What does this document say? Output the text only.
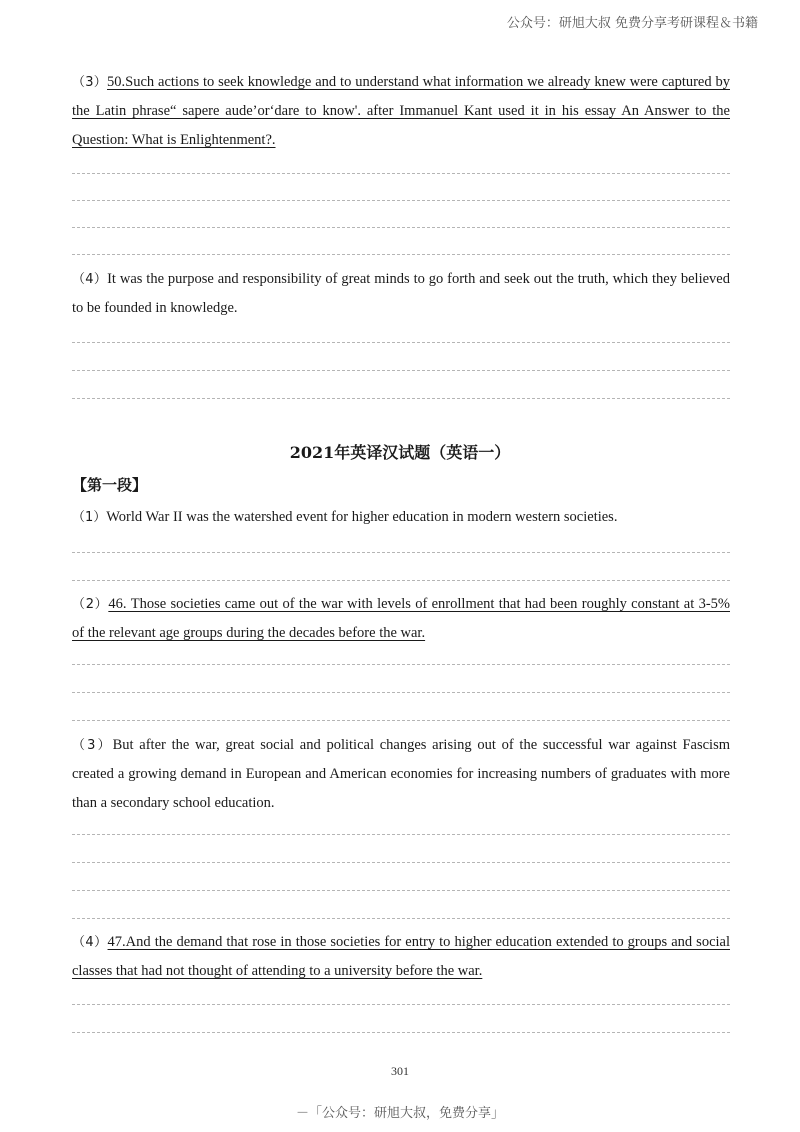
公众号：研旭大叔 免费分享考研课程＆书籍
（3）50.Such actions to seek knowledge and to understand what information we already knew were captured by the Latin phrase“ sapere aude’or‘dare to know'. after Immanuel Kant used it in his essay An Answer to the Question: What is Enlightenment?.
（4）It was the purpose and responsibility of great minds to go forth and seek out the truth, which they believed to be founded in knowledge.
2021年英译汉试题（英语一）
【第一段】
（1）World War II was the watershed event for higher education in modern western societies.
（2）46. Those societies came out of the war with levels of enrollment that had been roughly constant at 3-5% of the relevant age groups during the decades before the war.
（3）But after the war, great social and political changes arising out of the successful war against Fascism created a growing demand in European and American economies for increasing numbers of graduates with more than a secondary school education.
（4）47.And the demand that rose in those societies for entry to higher education extended to groups and social classes that had not thought of attending to a university before the war.
301
－「公众号：研旭大叔，免费分享」
